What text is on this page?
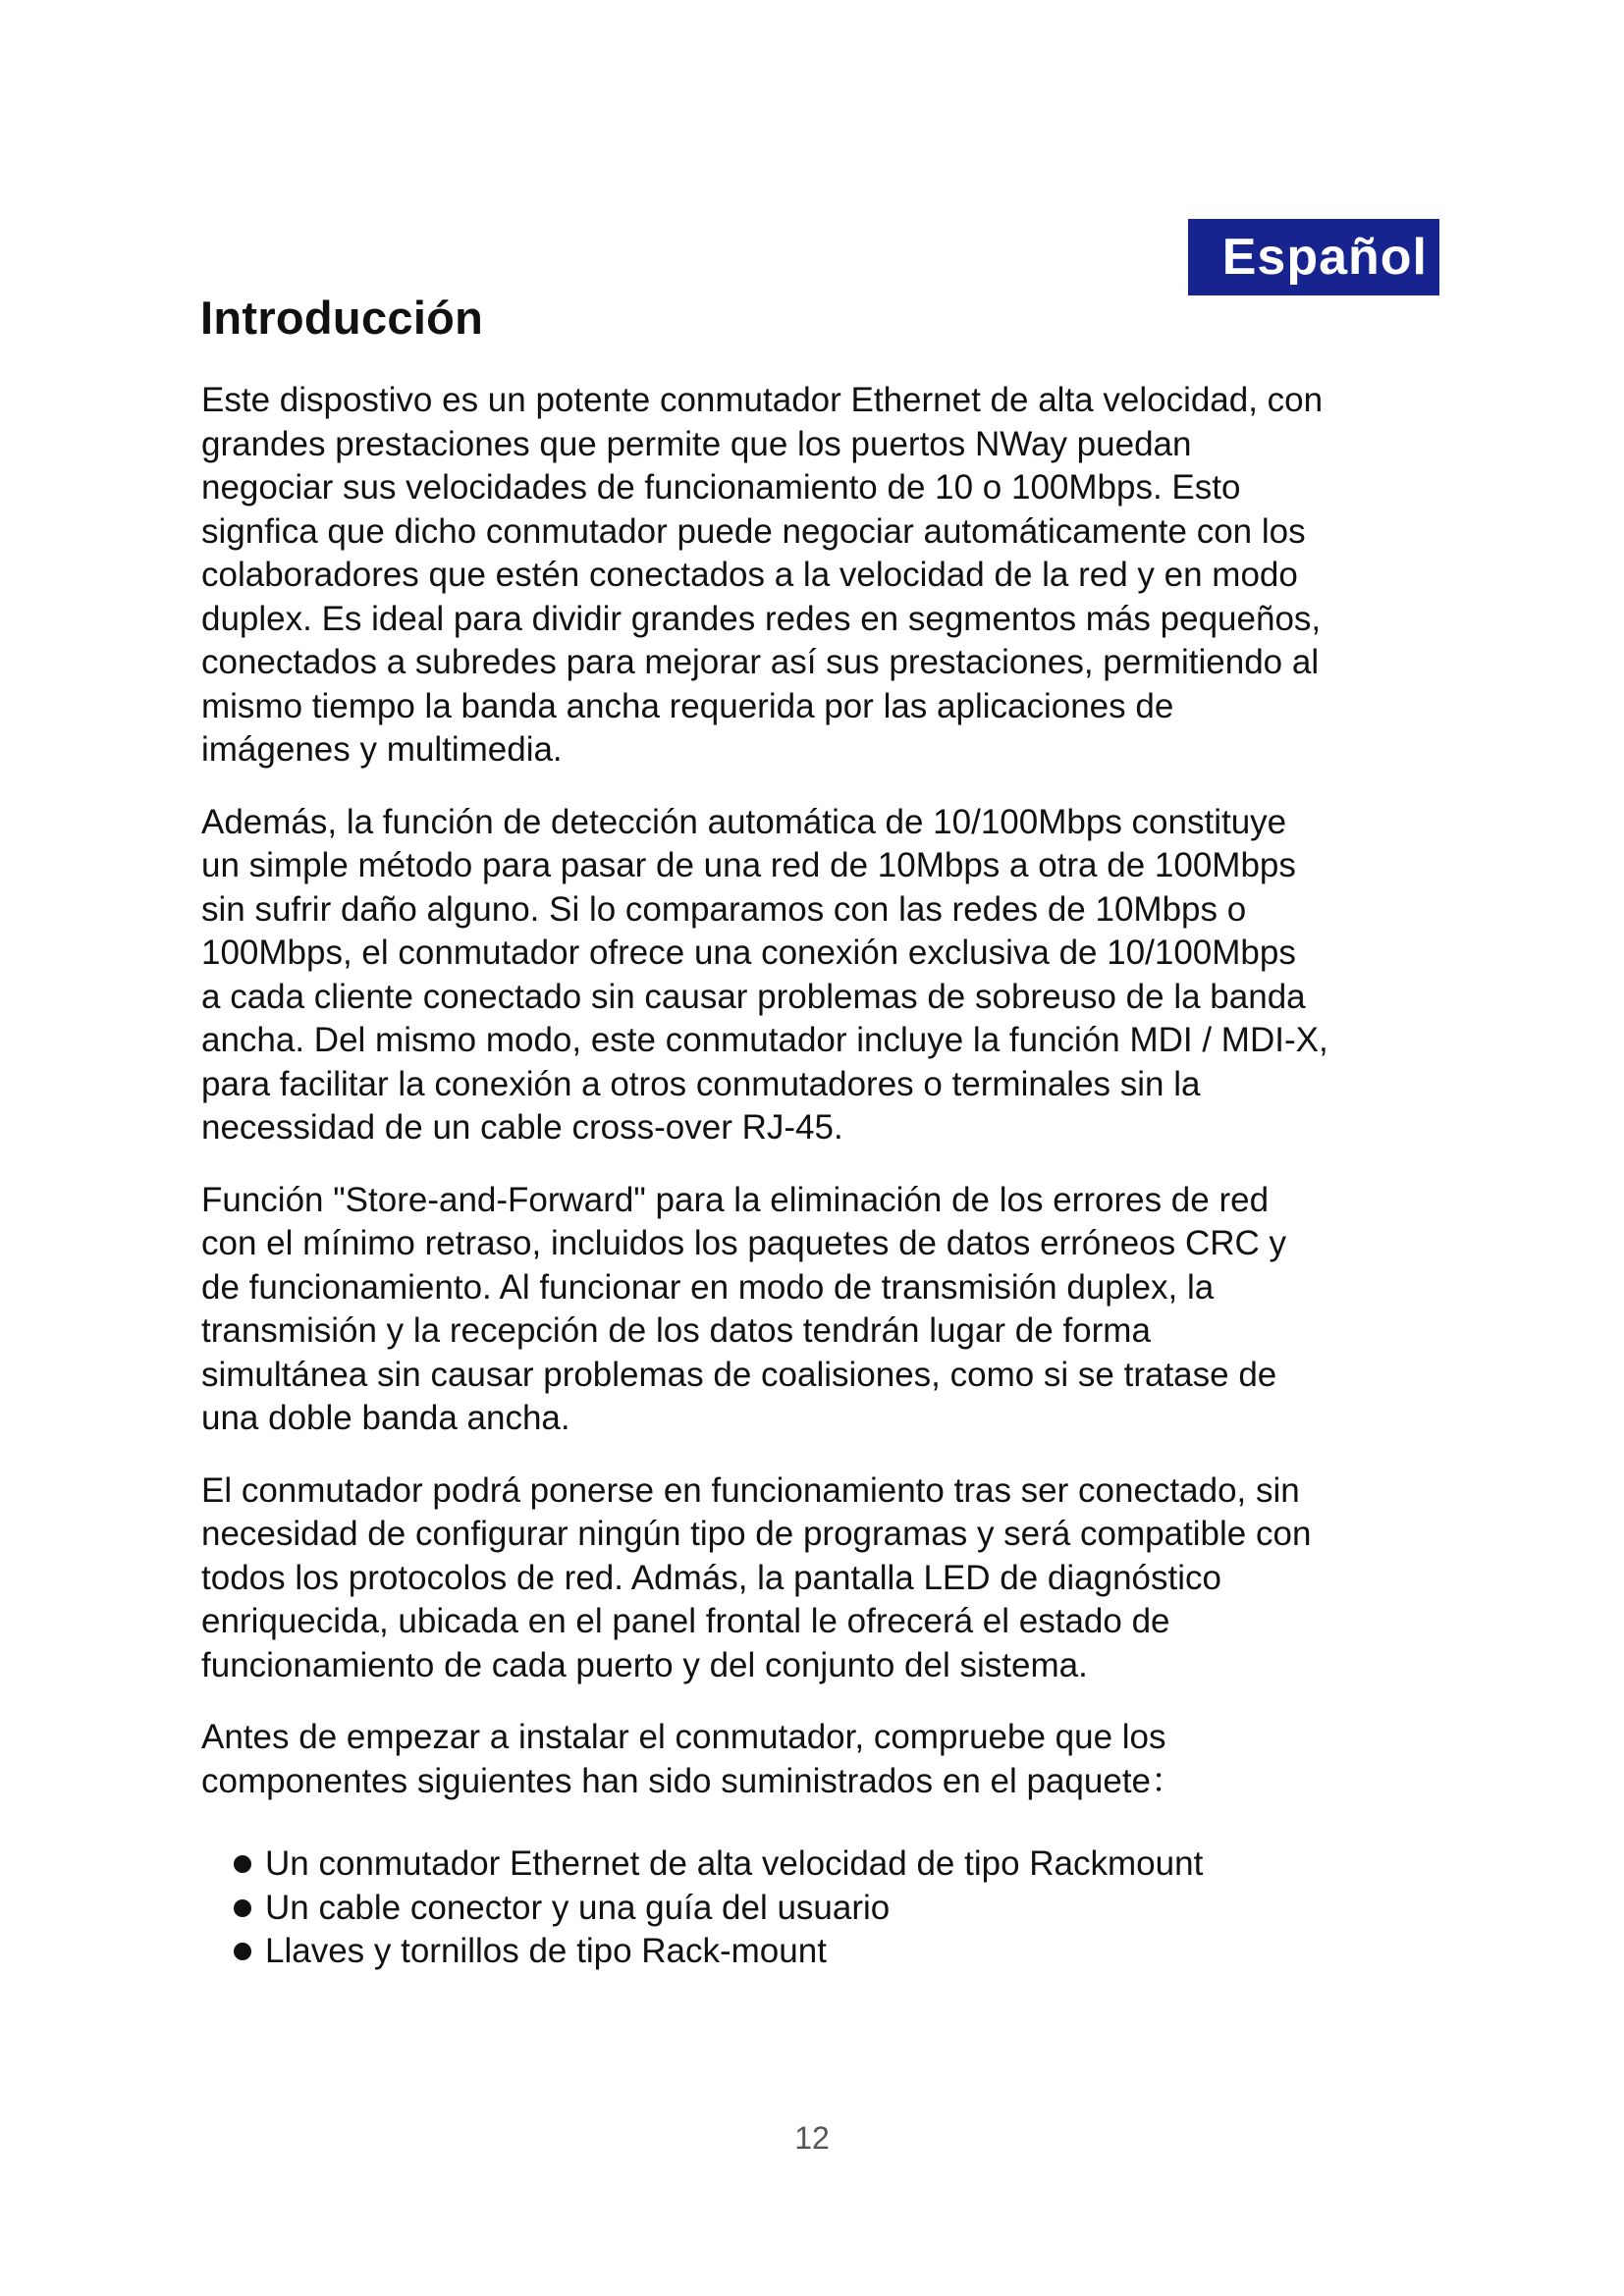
Español
Introducción

Este dispostivo es un potente conmutador Ethernet de alta velocidad, con
grandes prestaciones que permite que los puertos NWay puedan
negociar sus velocidades de funcionamiento de 10 o 100Mbps. Esto
signfica que dicho conmutador puede negociar automáticamente con los
colaboradores que estén conectados a la velocidad de la red y en modo
duplex. Es ideal para dividir grandes redes en segmentos más pequeños,
conectados a subredes para mejorar así sus prestaciones, permitiendo al
mismo tiempo la banda ancha requerida por las aplicaciones de
imágenes y multimedia.

Además, la función de detección automática de 10/100Mbps constituye
un simple método para pasar de una red de 10Mbps a otra de 100Mbps
sin sufrir daño alguno. Si lo comparamos con las redes de 10Mbps o
100Mbps, el conmutador ofrece una conexión exclusiva de 10/100Mbps
a cada cliente conectado sin causar problemas de sobreuso de la banda
ancha. Del mismo modo, este conmutador incluye la función MDI / MDI-X,
para facilitar la conexión a otros conmutadores o terminales sin la
necessidad de un cable cross-over RJ-45.

Función "Store-and-Forward" para la eliminación de los errores de red
con el mínimo retraso, incluidos los paquetes de datos erróneos CRC y
de funcionamiento. Al funcionar en modo de transmisión duplex, la
transmisión y la recepción de los datos tendrán lugar de forma
simultánea sin causar problemas de coalisiones, como si se tratase de
una doble banda ancha.

El conmutador podrá ponerse en funcionamiento tras ser conectado, sin
necesidad de configurar ningún tipo de programas y será compatible con
todos los protocolos de red. Admás, la pantalla LED de diagnóstico
enriquecida, ubicada en el panel frontal le ofrecerá el estado de
funcionamiento de cada puerto y del conjunto del sistema.

Antes de empezar a instalar el conmutador, compruebe que los
componentes siguientes han sido suministrados en el paquete：

Un conmutador Ethernet de alta velocidad de tipo Rackmount
Un cable conector y una guía del usuario
Llaves y tornillos de tipo Rack-mount
12
